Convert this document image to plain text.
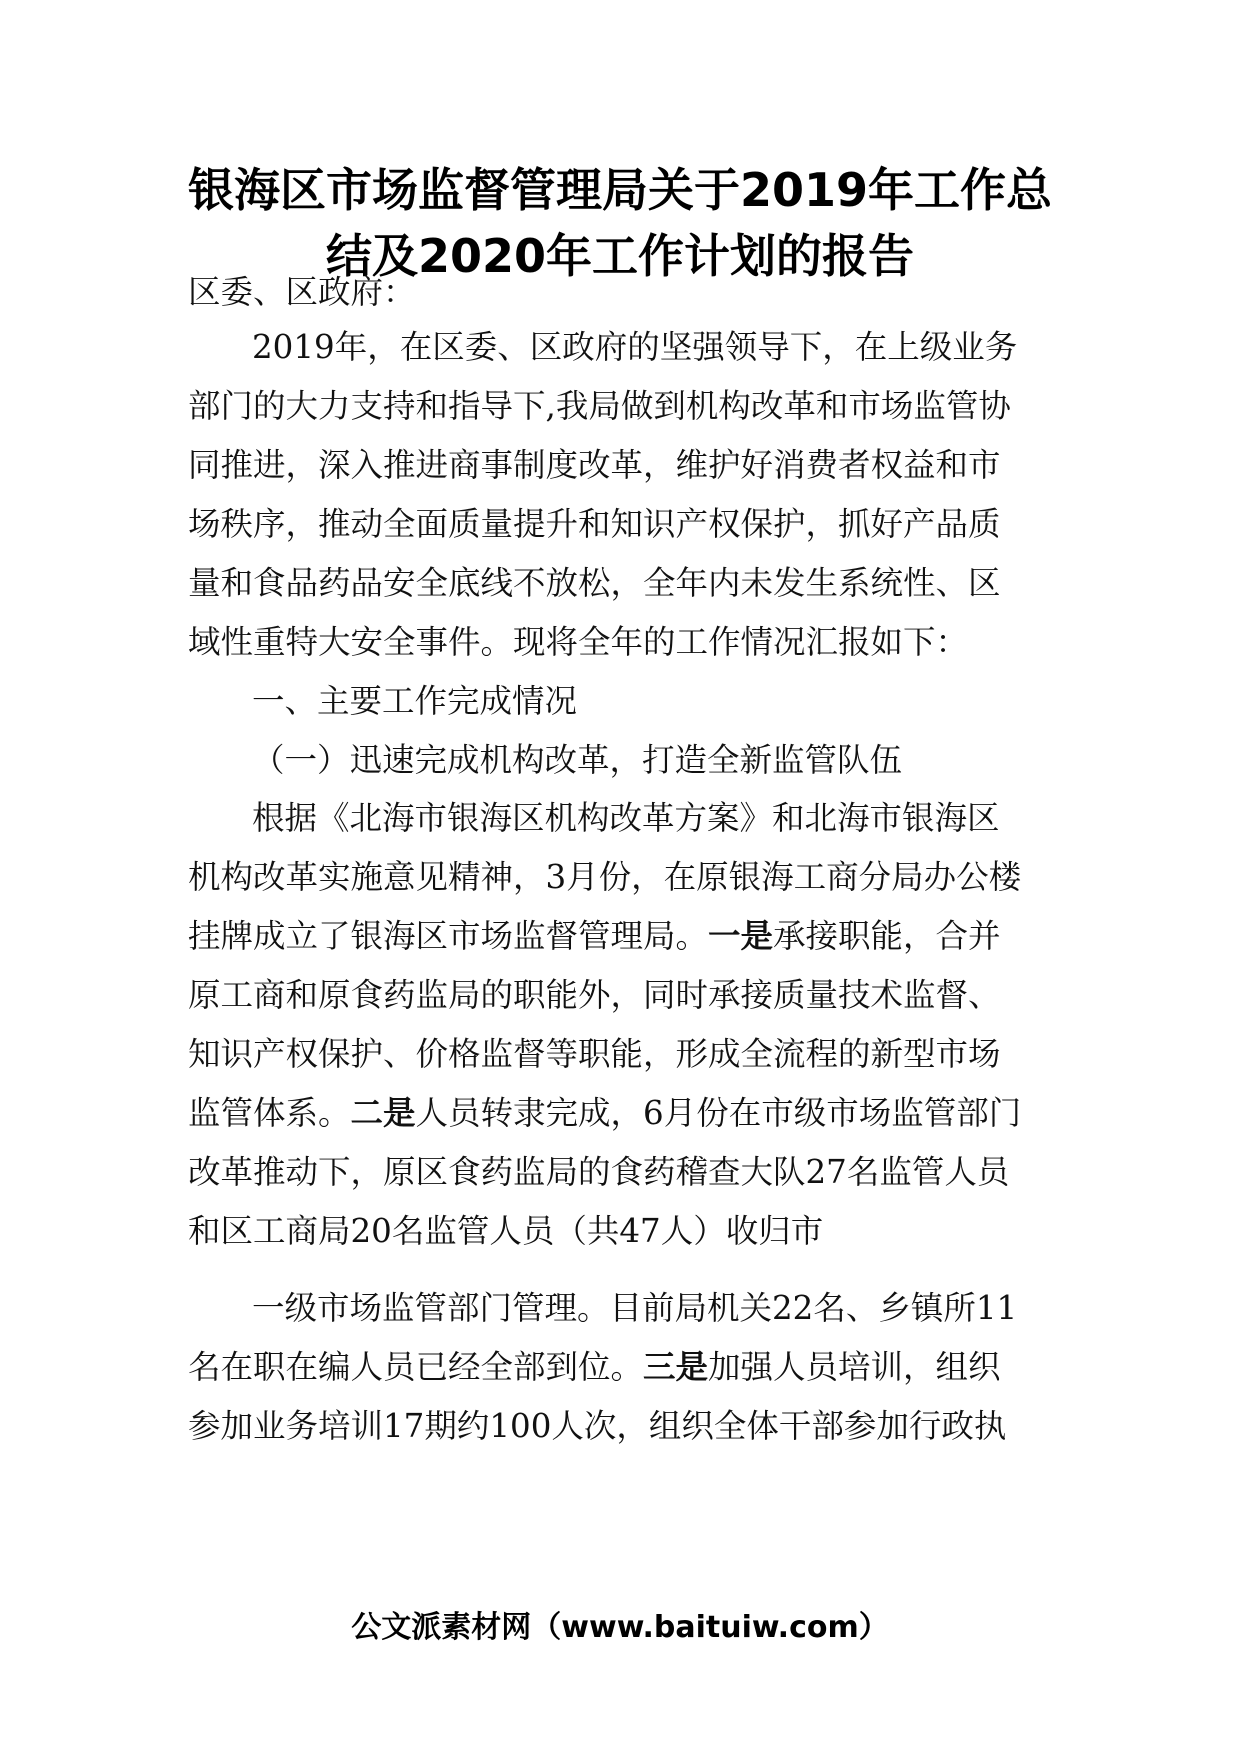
银海区市场监督管理局关于2019年工作总
结及2020年工作计划的报告
区委、区政府：
2019年，在区委、区政府的坚强领导下，在上级业务
部门的大力支持和指导下,我局做到机构改革和市场监管协
同推进，深入推进商事制度改革，维护好消费者权益和市
场秩序，推动全面质量提升和知识产权保护，抓好产品质
量和食品药品安全底线不放松，全年内未发生系统性、区
域性重特大安全事件。现将全年的工作情况汇报如下：
一、主要工作完成情况
（一）迅速完成机构改革，打造全新监管队伍
根据《北海市银海区机构改革方案》和北海市银海区
机构改革实施意见精神，3月份，在原银海工商分局办公楼
挂牌成立了银海区市场监督管理局。一是承接职能，合并
原工商和原食药监局的职能外，同时承接质量技术监督、
知识产权保护、价格监督等职能，形成全流程的新型市场
监管体系。二是人员转隶完成，6月份在市级市场监管部门
改革推动下，原区食药监局的食药稽查大队27名监管人员
和区工商局20名监管人员（共47人）收归市
一级市场监管部门管理。目前局机关22名、乡镇所11
名在职在编人员已经全部到位。三是加强人员培训，组织
参加业务培训17期约100人次，组织全体干部参加行政执
公文派素材网（www.baituiw.com）
